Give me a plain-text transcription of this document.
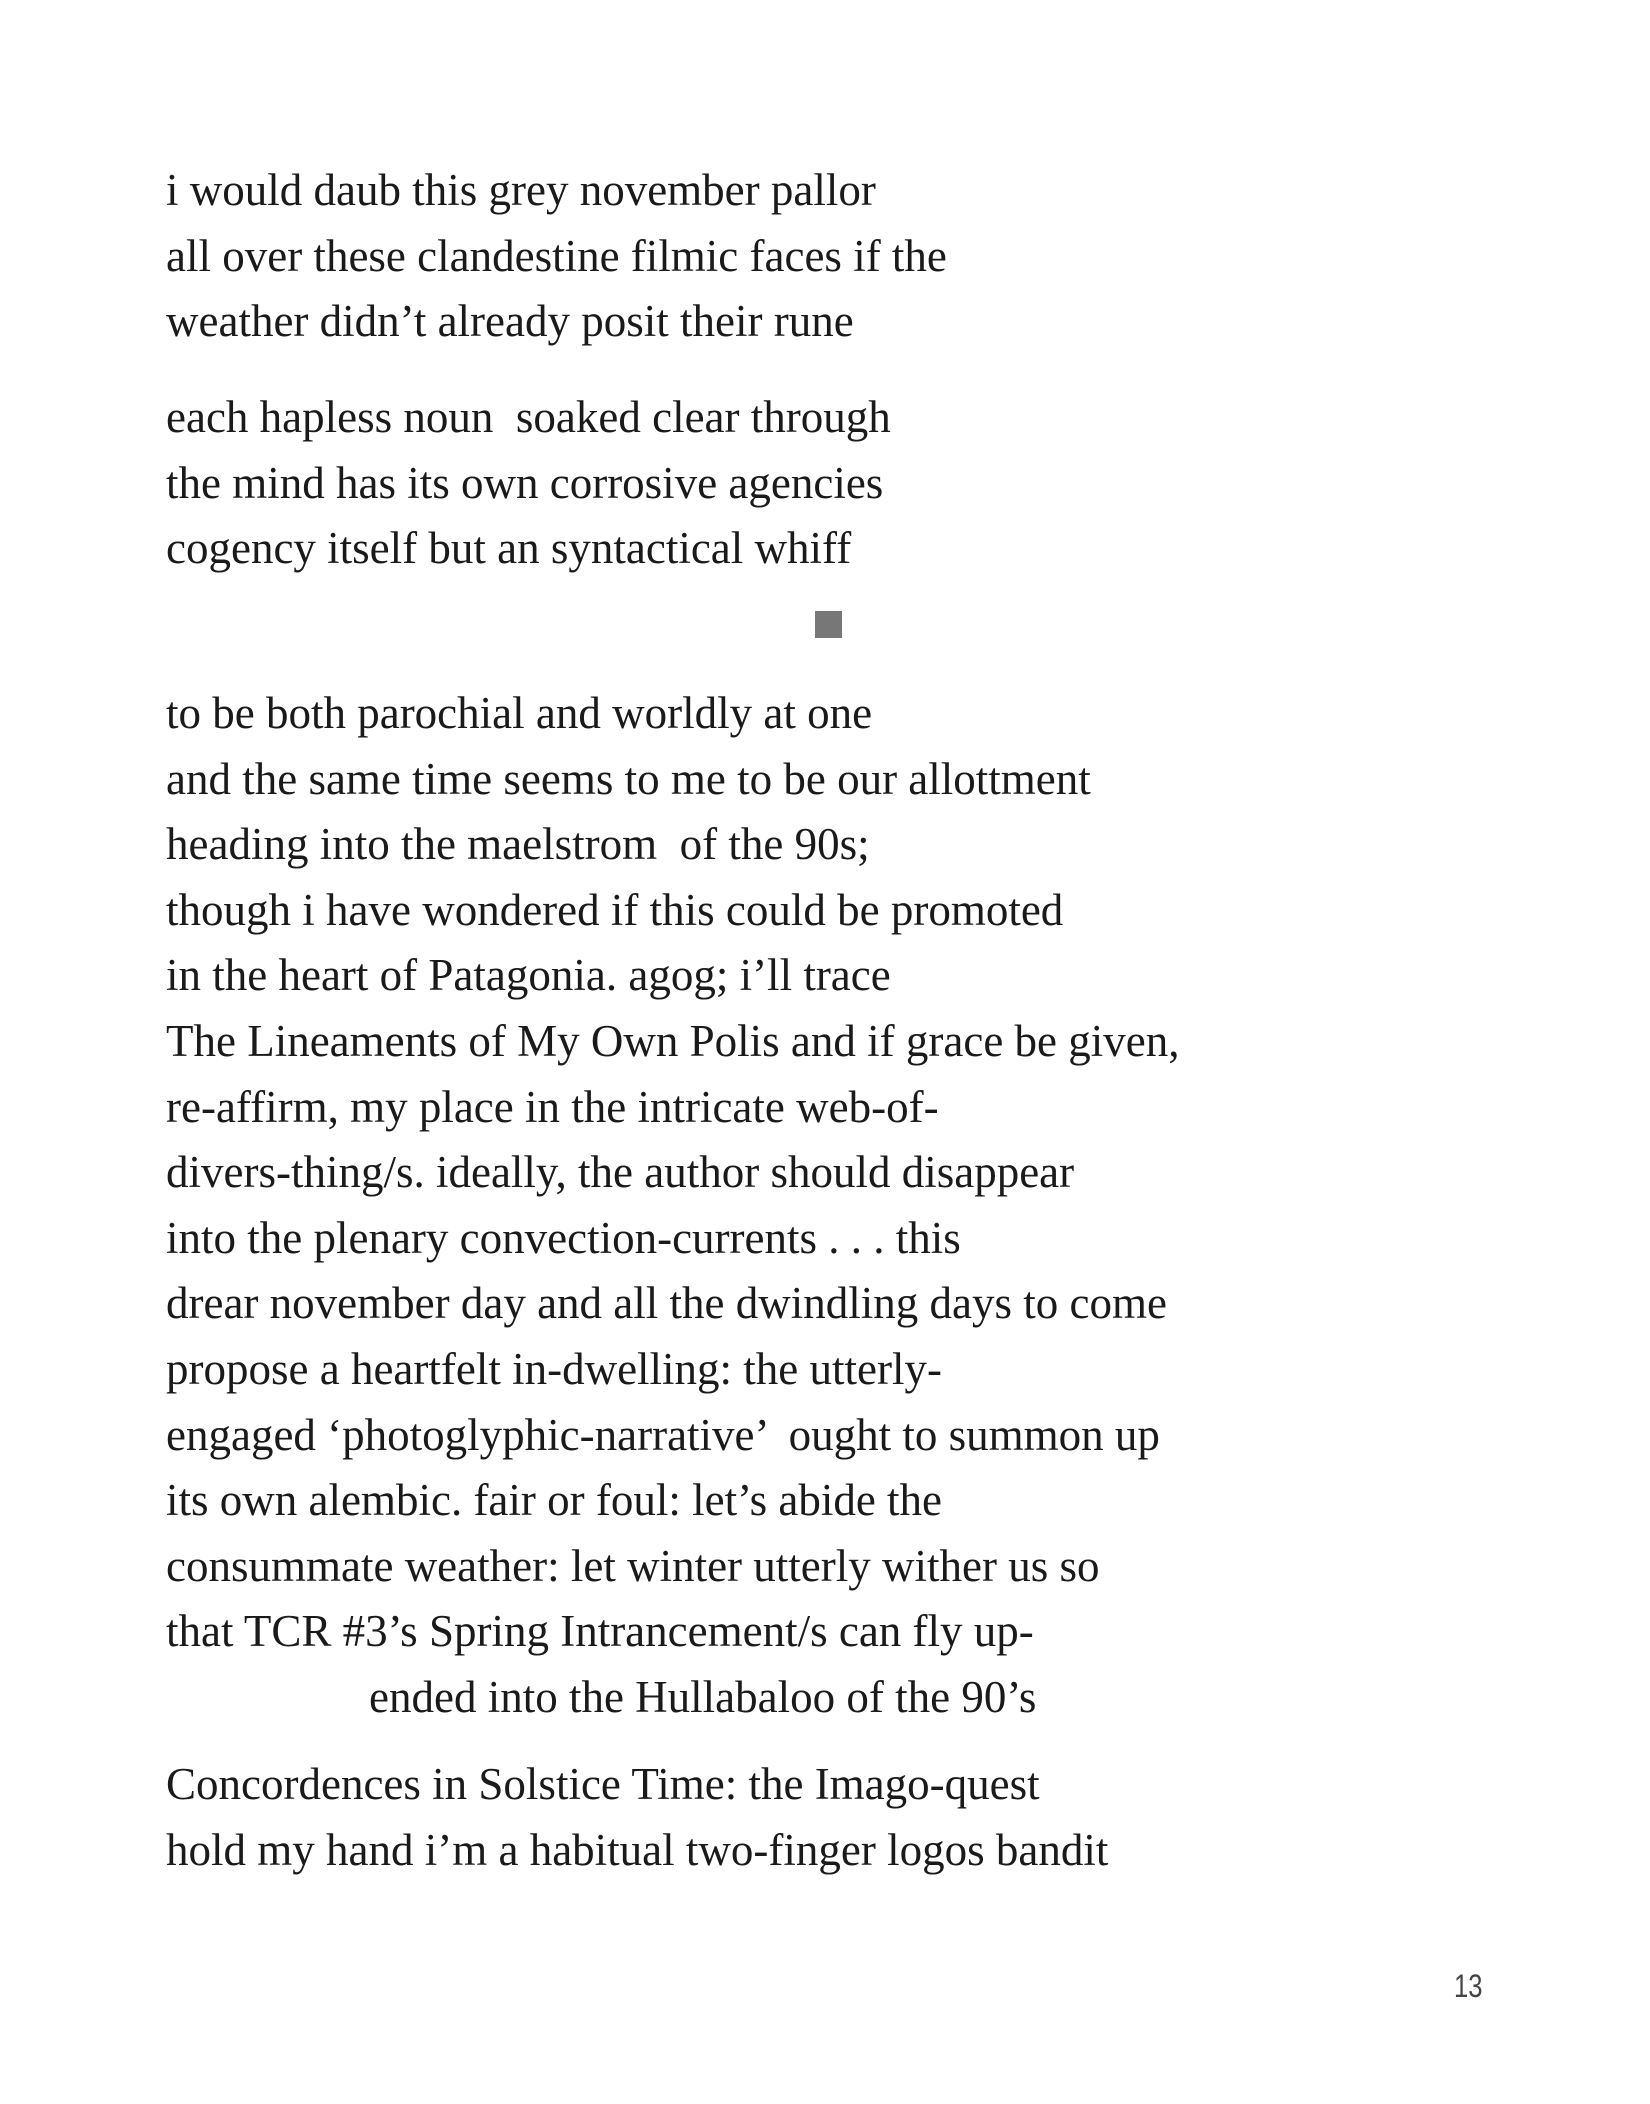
i would daub this grey november pallor
all over these clandestine filmic faces if the
weather didn’t already posit their rune
each hapless noun  soaked clear through
the mind has its own corrosive agencies
cogency itself but an syntactical whiff
to be both parochial and worldly at one
and the same time seems to me to be our allottment
heading into the maelstrom  of the 90s;
though i have wondered if this could be promoted
in the heart of Patagonia. agog; i’ll trace
The Lineaments of My Own Polis and if grace be given,
re-affirm, my place in the intricate web-of-
divers-thing/s. ideally, the author should disappear
into the plenary convection-currents . . . this
drear november day and all the dwindling days to come
propose a heartfelt in-dwelling: the utterly-
engaged ‘photoglyphic-narrative’  ought to summon up
its own alembic. fair or foul: let’s abide the
consummate weather: let winter utterly wither us so
that TCR #3’s Spring Intrancement/s can fly up-
ended into the Hullabaloo of the 90’s
Concordences in Solstice Time: the Imago-quest
hold my hand i’m a habitual two-finger logos bandit
13
